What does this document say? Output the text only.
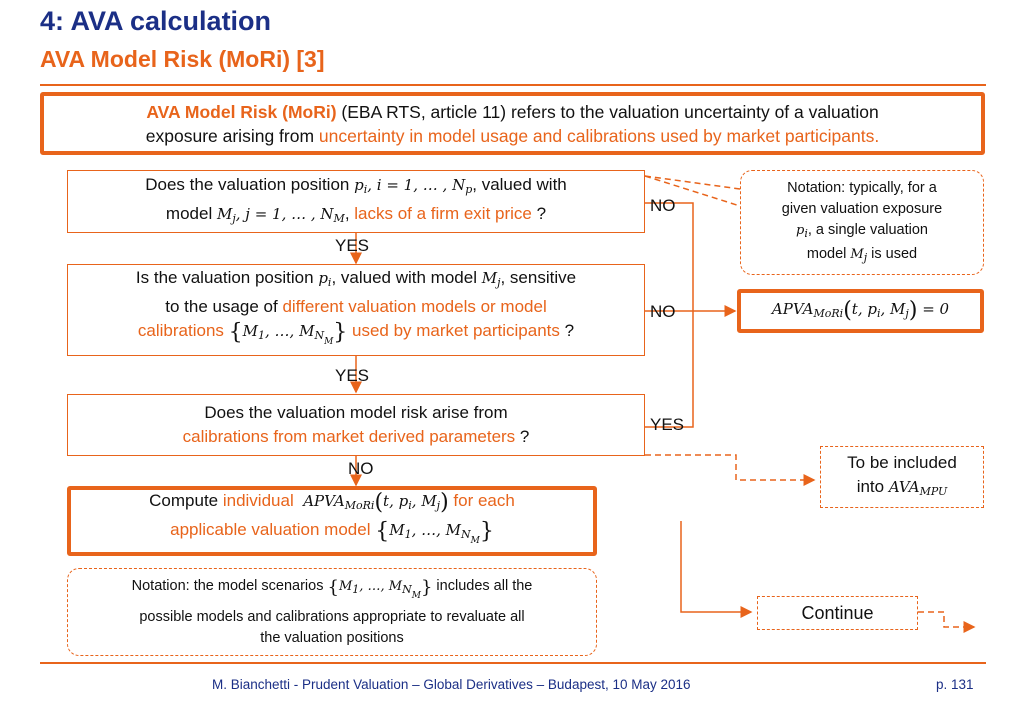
4: AVA calculation
AVA Model Risk (MoRi) [3]
AVA Model Risk (MoRi) (EBA RTS, article 11) refers to the valuation uncertainty of a valuation
exposure arising from uncertainty in model usage and calibrations used by market participants.
Does the valuation position $p_i$, i = 1, … , $N_p$, valued with
model $M_j$, j = 1, … , $N_M$, lacks of a firm exit price ?
Is the valuation position $p_i$, valued with model $M_j$, sensitive
to the usage of different valuation models or model
calibrations {$M_1$, …, $M_{N_M}$} used by market participants ?
Does the valuation model risk arise from
calibrations from market derived parameters ?
Compute individual $APVA_{MoRi}(t$, $p_i$, $M_j$) for each
applicable valuation model {$M_1$, …, $M_{N_M}$}
YES
YES
NO
NO
NO
YES
Notation: typically, for a
given valuation exposure
$p_i$, a single valuation
model $M_j$ is used
$APVA_{MoRi}(t$, $p_i$, $M_j) = 0$
To be included
into $AVA_{MPU}$
Notation: the model scenarios {$M_1$, …, $M_{N_M}$} includes all the
possible models and calibrations appropriate to revaluate all
the valuation positions
Continue
M. Bianchetti - Prudent Valuation – Global Derivatives – Budapest, 10 May 2016	p. 131
